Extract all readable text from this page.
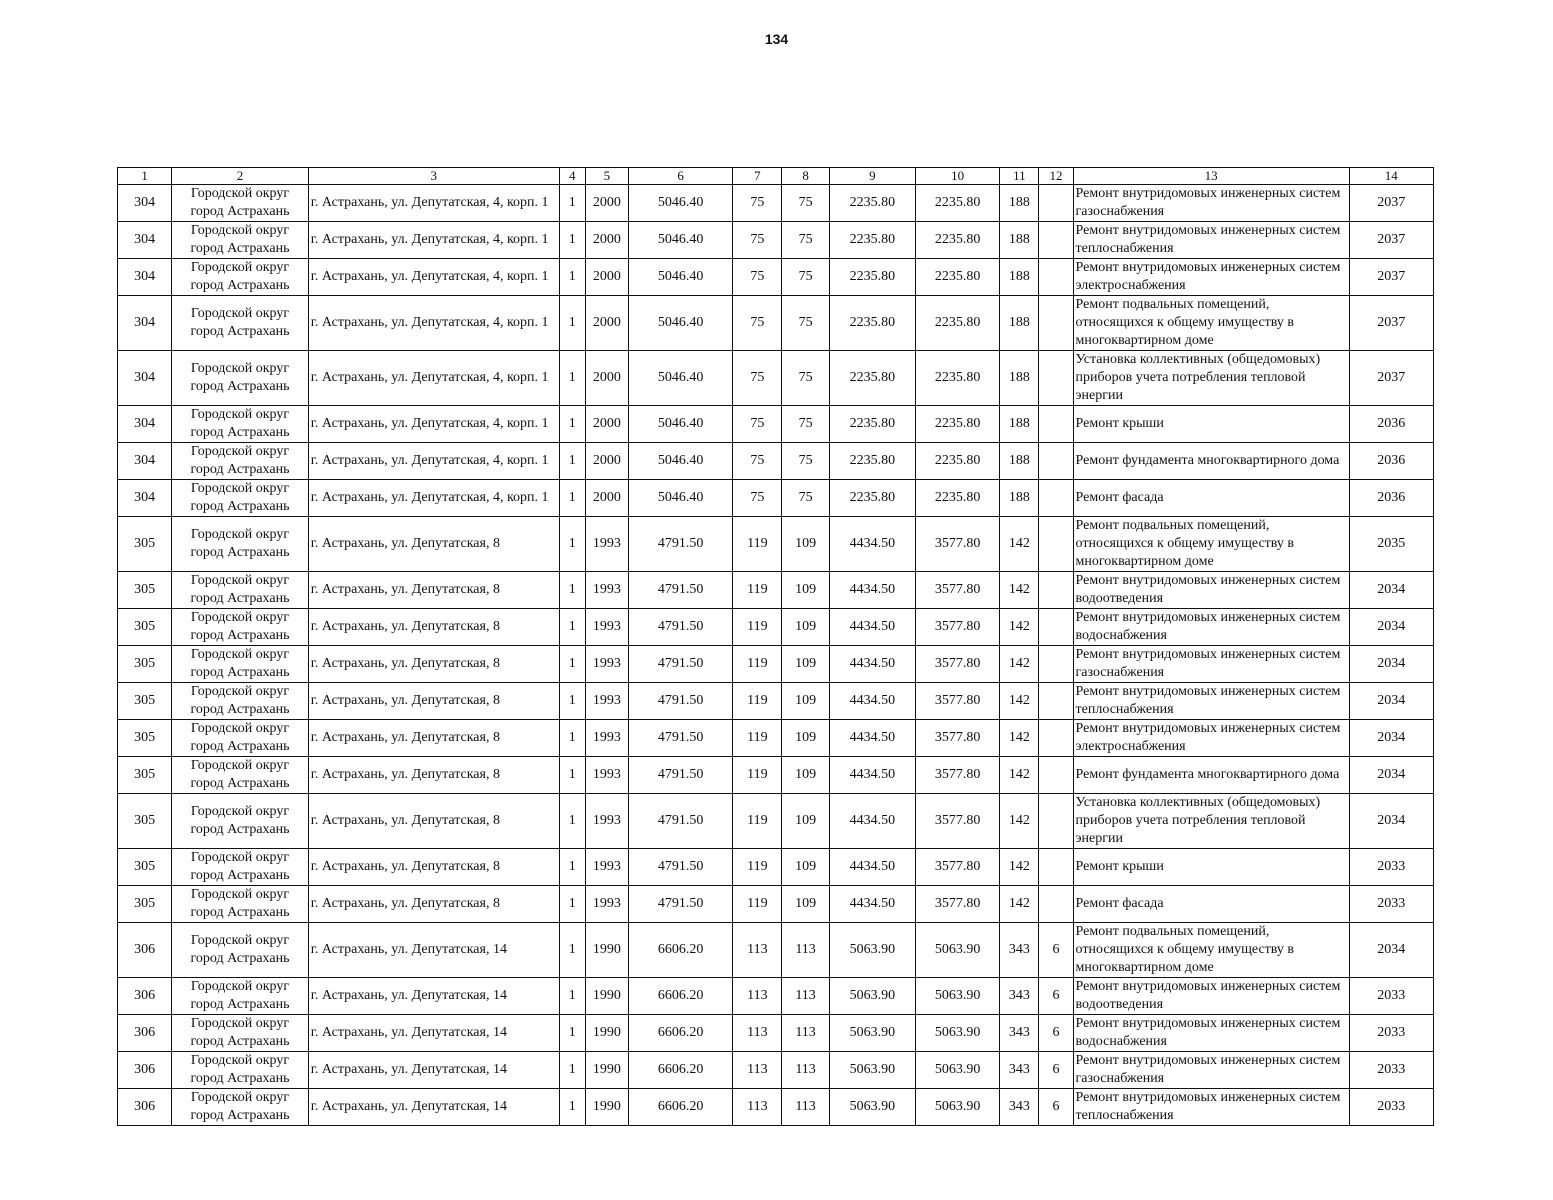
134
1	2	3	4	5	6	7	8	9	10	11	12	13	14
304	Городской округ город Астрахань	г. Астрахань, ул. Депутатская, 4, корп. 1	1	2000	5046.40	75	75	2235.80	2235.80	188		Ремонт внутридомовых инженерных систем газоснабжения	2037
304	Городской округ город Астрахань	г. Астрахань, ул. Депутатская, 4, корп. 1	1	2000	5046.40	75	75	2235.80	2235.80	188		Ремонт внутридомовых инженерных систем теплоснабжения	2037
304	Городской округ город Астрахань	г. Астрахань, ул. Депутатская, 4, корп. 1	1	2000	5046.40	75	75	2235.80	2235.80	188		Ремонт внутридомовых инженерных систем электроснабжения	2037
304	Городской округ город Астрахань	г. Астрахань, ул. Депутатская, 4, корп. 1	1	2000	5046.40	75	75	2235.80	2235.80	188		Ремонт подвальных помещений, относящихся к общему имуществу в многоквартирном доме	2037
304	Городской округ город Астрахань	г. Астрахань, ул. Депутатская, 4, корп. 1	1	2000	5046.40	75	75	2235.80	2235.80	188		Установка коллективных (общедомовых) приборов учета потребления тепловой энергии	2037
304	Городской округ город Астрахань	г. Астрахань, ул. Депутатская, 4, корп. 1	1	2000	5046.40	75	75	2235.80	2235.80	188		Ремонт крыши	2036
304	Городской округ город Астрахань	г. Астрахань, ул. Депутатская, 4, корп. 1	1	2000	5046.40	75	75	2235.80	2235.80	188		Ремонт фундамента многоквартирного дома	2036
304	Городской округ город Астрахань	г. Астрахань, ул. Депутатская, 4, корп. 1	1	2000	5046.40	75	75	2235.80	2235.80	188		Ремонт фасада	2036
305	Городской округ город Астрахань	г. Астрахань, ул. Депутатская, 8	1	1993	4791.50	119	109	4434.50	3577.80	142		Ремонт подвальных помещений, относящихся к общему имуществу в многоквартирном доме	2035
305	Городской округ город Астрахань	г. Астрахань, ул. Депутатская, 8	1	1993	4791.50	119	109	4434.50	3577.80	142		Ремонт внутридомовых инженерных систем водоотведения	2034
305	Городской округ город Астрахань	г. Астрахань, ул. Депутатская, 8	1	1993	4791.50	119	109	4434.50	3577.80	142		Ремонт внутридомовых инженерных систем водоснабжения	2034
305	Городской округ город Астрахань	г. Астрахань, ул. Депутатская, 8	1	1993	4791.50	119	109	4434.50	3577.80	142		Ремонт внутридомовых инженерных систем газоснабжения	2034
305	Городской округ город Астрахань	г. Астрахань, ул. Депутатская, 8	1	1993	4791.50	119	109	4434.50	3577.80	142		Ремонт внутридомовых инженерных систем теплоснабжения	2034
305	Городской округ город Астрахань	г. Астрахань, ул. Депутатская, 8	1	1993	4791.50	119	109	4434.50	3577.80	142		Ремонт внутридомовых инженерных систем электроснабжения	2034
305	Городской округ город Астрахань	г. Астрахань, ул. Депутатская, 8	1	1993	4791.50	119	109	4434.50	3577.80	142		Ремонт фундамента многоквартирного дома	2034
305	Городской округ город Астрахань	г. Астрахань, ул. Депутатская, 8	1	1993	4791.50	119	109	4434.50	3577.80	142		Установка коллективных (общедомовых) приборов учета потребления тепловой энергии	2034
305	Городской округ город Астрахань	г. Астрахань, ул. Депутатская, 8	1	1993	4791.50	119	109	4434.50	3577.80	142		Ремонт крыши	2033
305	Городской округ город Астрахань	г. Астрахань, ул. Депутатская, 8	1	1993	4791.50	119	109	4434.50	3577.80	142		Ремонт фасада	2033
306	Городской округ город Астрахань	г. Астрахань, ул. Депутатская, 14	1	1990	6606.20	113	113	5063.90	5063.90	343	6	Ремонт подвальных помещений, относящихся к общему имуществу в многоквартирном доме	2034
306	Городской округ город Астрахань	г. Астрахань, ул. Депутатская, 14	1	1990	6606.20	113	113	5063.90	5063.90	343	6	Ремонт внутридомовых инженерных систем водоотведения	2033
306	Городской округ город Астрахань	г. Астрахань, ул. Депутатская, 14	1	1990	6606.20	113	113	5063.90	5063.90	343	6	Ремонт внутридомовых инженерных систем водоснабжения	2033
306	Городской округ город Астрахань	г. Астрахань, ул. Депутатская, 14	1	1990	6606.20	113	113	5063.90	5063.90	343	6	Ремонт внутридомовых инженерных систем газоснабжения	2033
306	Городской округ город Астрахань	г. Астрахань, ул. Депутатская, 14	1	1990	6606.20	113	113	5063.90	5063.90	343	6	Ремонт внутридомовых инженерных систем теплоснабжения	2033
